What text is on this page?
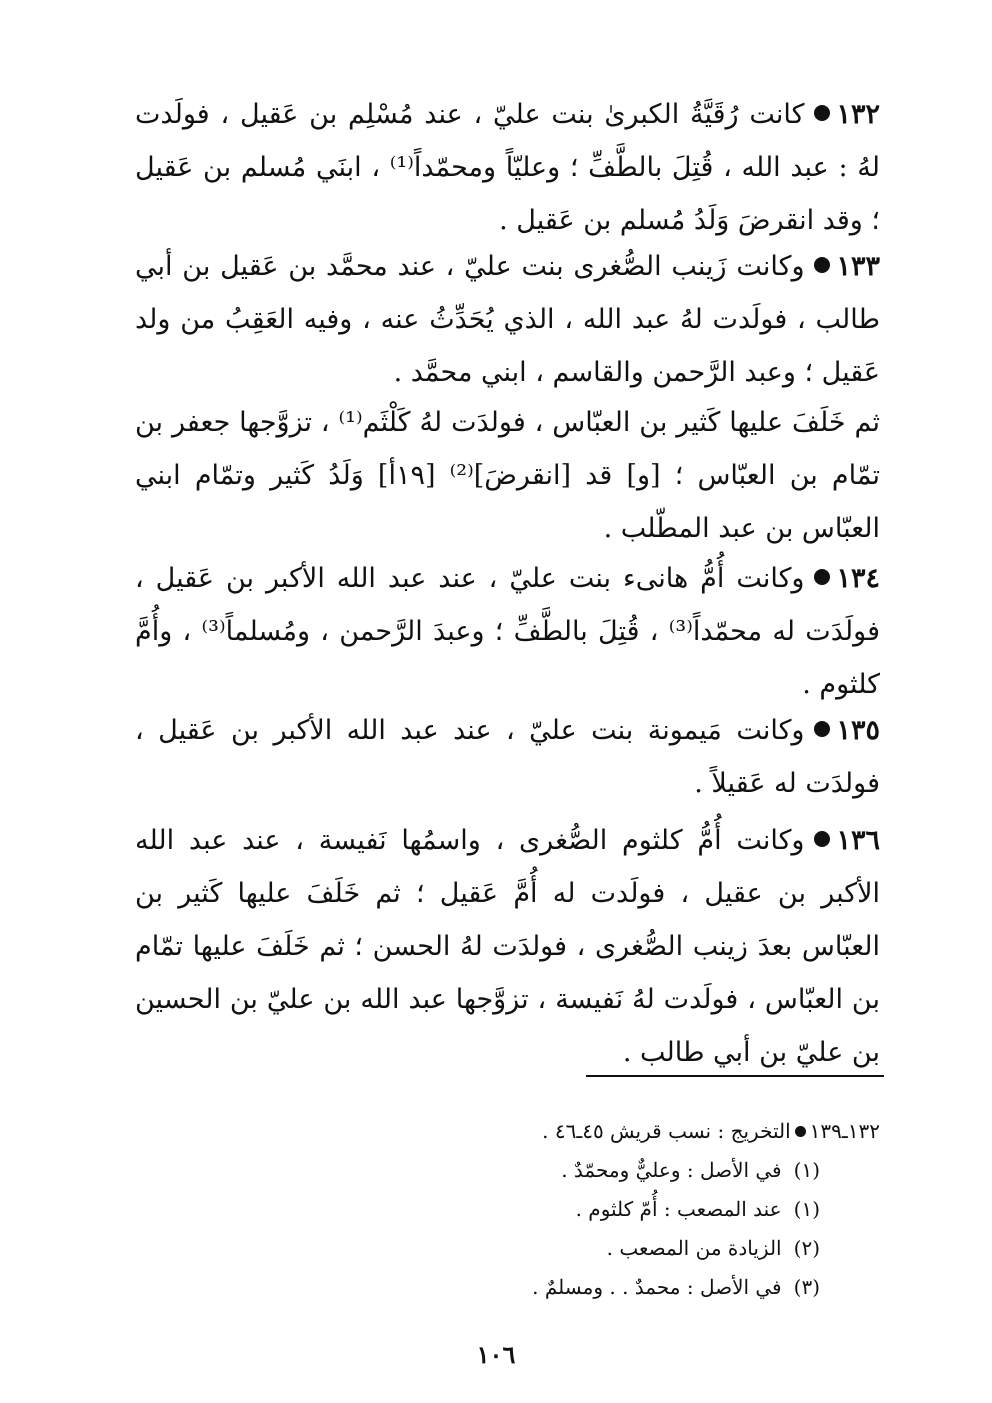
١٣٢كانت رُقَيَّةُ الكبرىٰ بنت عليّ ، عند مُسْلِم بن عَقيل ، فولَدت لهُ : عبد الله ، قُتِلَ بالطَّفِّ ؛ وعليّاً ومحمّداً⁽¹⁾ ، ابنَي مُسلم بن عَقيل ؛ وقد انقرضَ وَلَدُ مُسلم بن عَقيل .
١٣٣وكانت زَينب الصُّغرى بنت عليّ ، عند محمَّد بن عَقيل بن أبي طالب ، فولَدت لهُ عبد الله ، الذي يُحَدِّثُ عنه ، وفيه العَقِبُ من ولد عَقيل ؛ وعبد الرَّحمن والقاسم ، ابني محمَّد .
ثم خَلَفَ عليها كَثير بن العبّاس ، فولدَت لهُ كَلْثَم⁽¹⁾ ، تزوَّجها جعفر بن تمّام بن العبّاس ؛ [و] قد [انقرضَ]⁽²⁾ [١٩أ] وَلَدُ كَثير وتمّام ابني العبّاس بن عبد المطّلب .
١٣٤وكانت أُمُّ هانىء بنت عليّ ، عند عبد الله الأكبر بن عَقيل ، فولَدَت له محمّداً⁽³⁾ ، قُتِلَ بالطَّفِّ ؛ وعبدَ الرَّحمن ، ومُسلماً⁽³⁾ ، وأُمَّ كلثوم .
١٣٥وكانت مَيمونة بنت عليّ ، عند عبد الله الأكبر بن عَقيل ، فولدَت له عَقيلاً .
١٣٦وكانت أُمُّ كلثوم الصُّغرى ، واسمُها نَفيسة ، عند عبد الله الأكبر بن عقيل ، فولَدت له أُمَّ عَقيل ؛ ثم خَلَفَ عليها كَثير بن العبّاس بعدَ زينب الصُّغرى ، فولدَت لهُ الحسن ؛ ثم خَلَفَ عليها تمّام بن العبّاس ، فولَدت لهُ نَفيسة ، تزوَّجها عبد الله بن عليّ بن الحسين بن عليّ بن أبي طالب .
١٣٢ـ١٣٩التخريج : نسب قريش ٤٥ـ٤٦ .
(١)في الأصل : وعليٌّ ومحمّدٌ .
(١)عند المصعب : أُمّ كلثوم .
(٢)الزيادة من المصعب .
(٣)في الأصل : محمدٌ . . ومسلمٌ .
١٠٦
